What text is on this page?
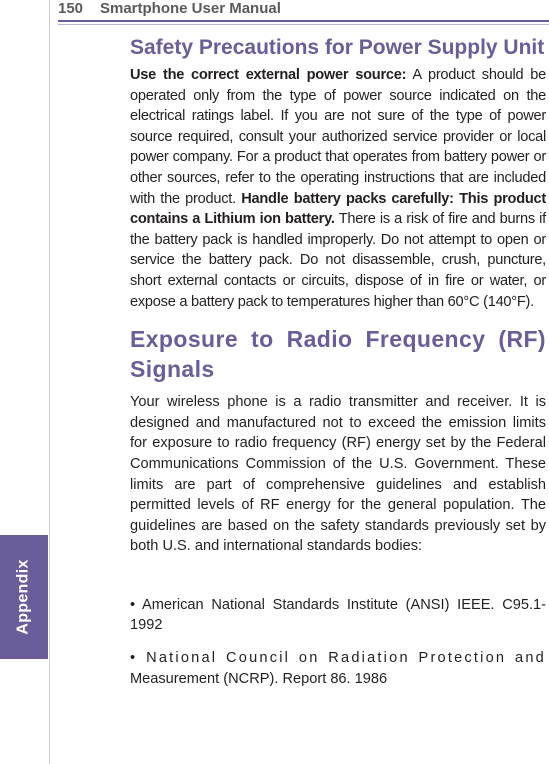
150 Smartphone User Manual
Appendix
Safety Precautions for Power Supply Unit

Use the correct external power source: A product should be operated only from the type of power source indicated on the electrical ratings label. If you are not sure of the type of power source required, consult your authorized service provider or local power company. For a product that operates from battery power or other sources, refer to the operating instructions that are included with the product. Handle battery packs carefully: This product contains a Lithium ion battery. There is a risk of fire and burns if the battery pack is handled improperly. Do not attempt to open or service the battery pack. Do not disassemble, crush, puncture, short external contacts or circuits, dispose of in fire or water, or expose a battery pack to temperatures higher than 60°C (140°F).

Exposure to Radio Frequency (RF) Signals

Your wireless phone is a radio transmitter and receiver. It is designed and manufactured not to exceed the emission limits for exposure to radio frequency (RF) energy set by the Federal Communications Commission of the U.S. Government. These limits are part of comprehensive guidelines and establish permitted levels of RF energy for the general population. The guidelines are based on the safety standards previously set by both U.S. and international standards bodies:

• American National Standards Institute (ANSI) IEEE. C95.1-1992

• National Council on Radiation Protection and Measurement (NCRP). Report 86. 1986
